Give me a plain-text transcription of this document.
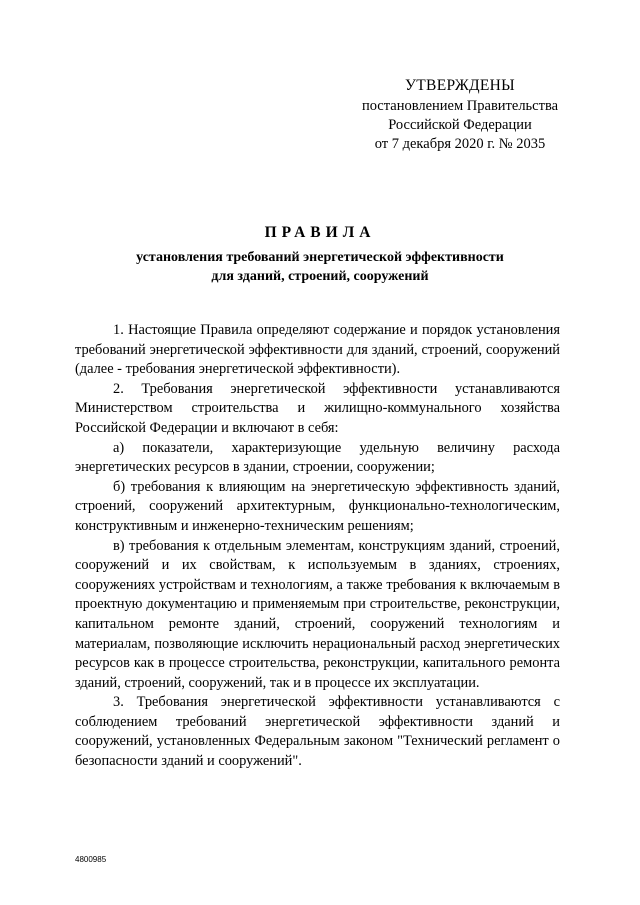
УТВЕРЖДЕНЫ
постановлением Правительства
Российской Федерации
от 7 декабря 2020 г. № 2035
ПРАВИЛА
установления требований энергетической эффективности
для зданий, строений, сооружений

1. Настоящие Правила определяют содержание и порядок установления требований энергетической эффективности для зданий, строений, сооружений (далее - требования энергетической эффективности).

2. Требования энергетической эффективности устанавливаются Министерством строительства и жилищно-коммунального хозяйства Российской Федерации и включают в себя:

а) показатели, характеризующие удельную величину расхода энергетических ресурсов в здании, строении, сооружении;

б) требования к влияющим на энергетическую эффективность зданий, строений, сооружений архитектурным, функционально-технологическим, конструктивным и инженерно-техническим решениям;

в) требования к отдельным элементам, конструкциям зданий, строений, сооружений и их свойствам, к используемым в зданиях, строениях, сооружениях устройствам и технологиям, а также требования к включаемым в проектную документацию и применяемым при строительстве, реконструкции, капитальном ремонте зданий, строений, сооружений технологиям и материалам, позволяющие исключить нерациональный расход энергетических ресурсов как в процессе строительства, реконструкции, капитального ремонта зданий, строений, сооружений, так и в процессе их эксплуатации.

3. Требования энергетической эффективности устанавливаются с соблюдением требований энергетической эффективности зданий и сооружений, установленных Федеральным законом "Технический регламент о безопасности зданий и сооружений".

4800985
